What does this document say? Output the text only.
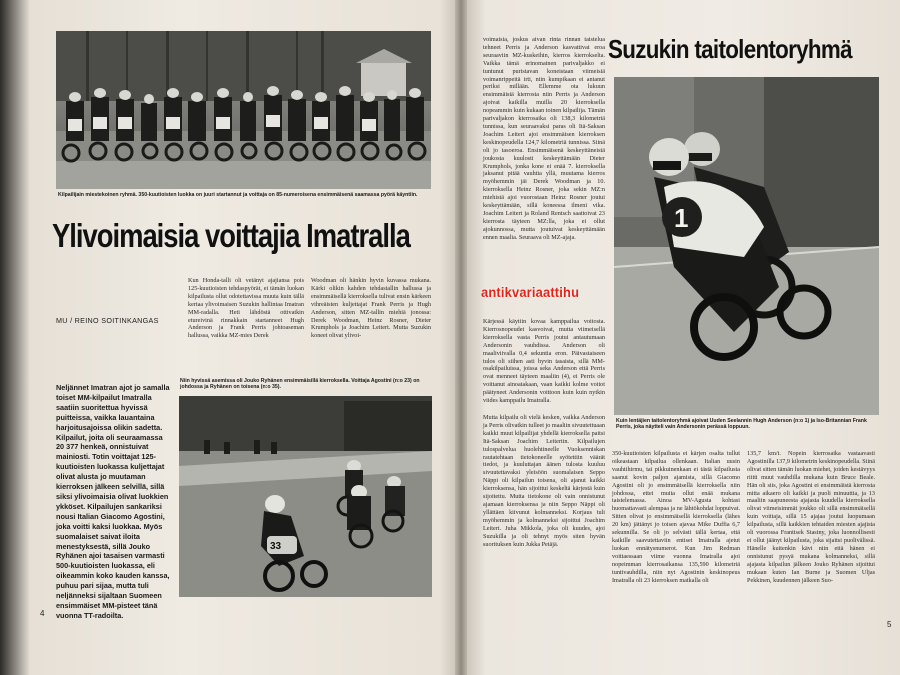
Kilpailijain miestekoinen ryhmä. 350-kuutioisten luokka on juuri startannut ja voittaja on 85-numeroisena ensimmäisenä saamassa pyörä käyntiin.
Ylivoimaisia voittajia Imatralla
Kun Honda-talli oli vetänyt ajajiansa pois 125-kuutioisten tehdaspyörät, ei tämän luokan kilpailusta ollut odotettavissa muuta kuin tällä kertaa ylivoimaisen Suzukin hallintaa Imatran MM-radalla. Heti lähdöstä ottivatkin etureivinä rinnakkain startanneet Hugh Anderson ja Frank Perris johtoaseman hallussa, vaikka MZ-mies Derek
Woodman oli hänkin hyvin kuvassa mukana. Kärki olikin kahden tehdastallin hallussa ja ensimmäisellä kierroksella tulivat ensin kärkeen vihreäisten kuljettajat Frank Perris ja Hugh Anderson, sitten MZ-tallin miehiä jonossa: Derek Woodman, Heinz Rosner, Dieter Krumphols ja Joachim Leitert. Mutta Suzukin koneet olivat ylivoi-
MU / REINO SOITINKANGAS
Niin hyvissä asemissa oli Jouko Ryhänen ensimmäisillä kierroksella. Voittaja Agostini (n:o 23) on johdossa ja Ryhänen on toisena (n:o 35).
Neljännet Imatran ajot jo samalla toiset MM-kilpailut Imatralla saatiin suoritettua hyvissä puitteissa, vaikka lauantaina harjoitusajoissa olikin sadetta. Kilpailut, joita oli seuraamassa 20 377 henkeä, onnistuivat mainiosti. Totin voittajat 125-kuutioisten luokassa kuljettajat olivat alusta jo muutaman kierroksen jälkeen selvillä, sillä siksi ylivoimaisia olivat luokkien ykköset. Kilpailujen sankariksi nousi Italian Giacomo Agostini, joka voitti kaksi luokkaa. Myös suomalaiset saivat iloita menestyksestä, sillä Jouko Ryhänen ajoi tasaisen varmasti 500-kuutioisten luokassa, eli oikeammin koko kauden kanssa, puhuu pari sijaa, mutta tuli neljänneksi sijaltaan Suomeen ensimmäiset MM-pisteet tänä vuonna TT-radoilta.
33
4
voimaisia, joskus aivan rinta rinnan taistelua tehneet Perris ja Anderson kasvattivat eroa seuraaviin MZ-kuskeihin, kierros kierrokselta. Vaikka tämä erinomainen parivaljakko ei tuntunut puristavan koneistaan viimeisiä voimanrippeitä irti, niin kumpikaan ei antanut periksi millään. Ellemme ota lukuun ensimmäistä kierrosta niin Perris ja Anderson ajoivat kaikilla muilla 20 kierroksella nopeammin kuin kukaan toinen kilpailija. Tämän parivaljakon kierrosaika oli 138,3 kilometriä tunnissa, kun seuraavaksi paras oli Itä-Saksan Joachim Leitert ajoi ensimmäisen kierroksen keskinopeudella 124,7 kilometriä tunnissa. Siinä oli jo tasoeroa. Ensimmäisenä keskeyttäneistä joukosta kuulosti keskeyttämään Dieter Krumphols, jonka kone ei enää 7. kierroksella jaksanut pitää vauhtia yllä, muutama kierros myöhemmin jäi Derek Woodman ja 10. kierroksella Heinz Rosner, joka sekin MZ:n miehistä ajoi vuorostaan Heinz Rosner joutui keskeyttämään, sillä koneessa ilmeni vika. Joachim Leitert ja Roland Rentsch saattoivat 23 kierrosta täyteen MZ:lla, joka ei ollut ajokunnossa, mutta joutuivat keskeyttämään ennen maalia. Seuraava oli MZ-ajaja.
Kärjessä käytiin kovaa kamppailua voitosta. Kierrosnopeudet kasvoivat, mutta viimeisellä kierroksella vasta Perris joutui antautumaan Andersonin vauhdissa. Anderson oli maaliviivalla 0,4 sekuntia eron. Päivastaiseen tulos oli siihen asti hyvin tasaista, sillä MM-osakilpailuissa, joissa seka Anderson että Perris ovat menneet täyteen maaliin (4), ei Perris ole voittanut ainoatakaan, vaan kaikki kolme voitot päätyneet Andersonin voittoon kuin kuin nytkin viides kamppailu Imatralla.
Mutta kilpailu oli vielä kesken, vaikka Anderson ja Perris olivatkin tulleet jo maaliin sivuutettuaan kaikki muut kilpailijat yhdellä kierroksella paitsi Itä-Saksan Joachim Leitertin. Kilpailujen tulospalvelua huolehtineelle Vuoksenniskan rautatehtaan tietokoneelle syötettiin väärät tiedot, ja kuuluttajan äänen tulosta kuuluu sivuutettavaksi yleisöön suomalaisen Seppo Näppi oli kilpailun toisena, oli ajanut kaikki kierroksensa, hän sijoittui keskeltä kärjestä kuin sijoitettu. Mutta tietokone oli vain onnistunut ajamaan kierroksensa ja niin Seppo Näppi oli yllättäen kiivunut kolmanneksi. Korjaus tuli myöhemmin ja kolmanneksi sijoittui Joachim Leitert. Juha Mikkola, joka oli kuudes, ajoi Suzukilla ja oli tehnyt myös siten hyvän suorituksen kuin Jukka Petäjä.
Suzukin taitolentoryhmä
1
Kuin lentäjien taitolentoryhmä ajoivat Uuden Seelannin Hugh Anderson (n:o 1) ja Iso-Britannian Frank Perris, joka näytteli vain Andersonin perässä loppuun.
350-kuutioisten kilpailusta ei kärjen osalta tullut oikeastaan kilpailua ollenkaan. Italian uusin vauhtihirmu, tai pikkuinenkaan ei tästä kilpailusta saanut kovin paljon ajamista, sillä Giacomo Agostini oli jo ensimmäisellä kierroksella niin johdossa, ettei muita ollut enää mukana taistelemassa. Ainoa MV-Agusta kohtasi huomattavasti alempaa ja ne lähtökohdat loppuivat. Sitten olivat jo ensimmäisellä kierroksella (lähes 20 km) jättänyt jo toisen ajavaa Mike Duffia 6,7 sekunnilla. Se oli jo selvästi tällä kertaa, että kaikille saavutettaviin entiset Imatralla ajetut luokan ennätysnumerot. Kun Jim Redman voittaessaan viime vuonna Imatralla ajoi nopeimman kierrosaikansa 135,590 kilometriä tuntivauhdilla, niin nyt Agostinin keskinopeus Imatralla oli 23 kierroksen matkalla oli
135,7 km/t. Nopein kierrosaika vastaavasti Agostinilla 137,9 kilometrin keskinopeudella. Siinä olivat sitten tämän luokan miehet, joiden kestävyys riitti muut vauhdilla mukana kuin Bruce Beale. Hän oli siis, joka Agostini ei ensimmäistä kierrosta mitta aikaero oli kaikki ja puoli minuuttia, ja 13 maaliin saapuneesta ajajasta kuudella kierroksella olivat viimeisimmät joukko oli sillä ensimmäisellä kuin voittaja, sillä 15 ajajaa joutui luopumaan kilpailusta, sillä kaikkien tehtaiden miesten ajajista oli vuorossa Frantisek Stastny, joka luonnollisesti ei ollut jäänyt kilpailusta, joka sijaitsi puolivälissä. Hänelle kuitenkin kävi niin että hänen ei onnistunut pysyä mukana kolmanneksi, sillä ajajasta kilpailun jälkeen Jouko Ryhänen sijoittui mukaan kuten Ian Burne ja Suomen Uljas Pekkinen, kuudennen jälkeen Suo-
5
antikvariaattihu
